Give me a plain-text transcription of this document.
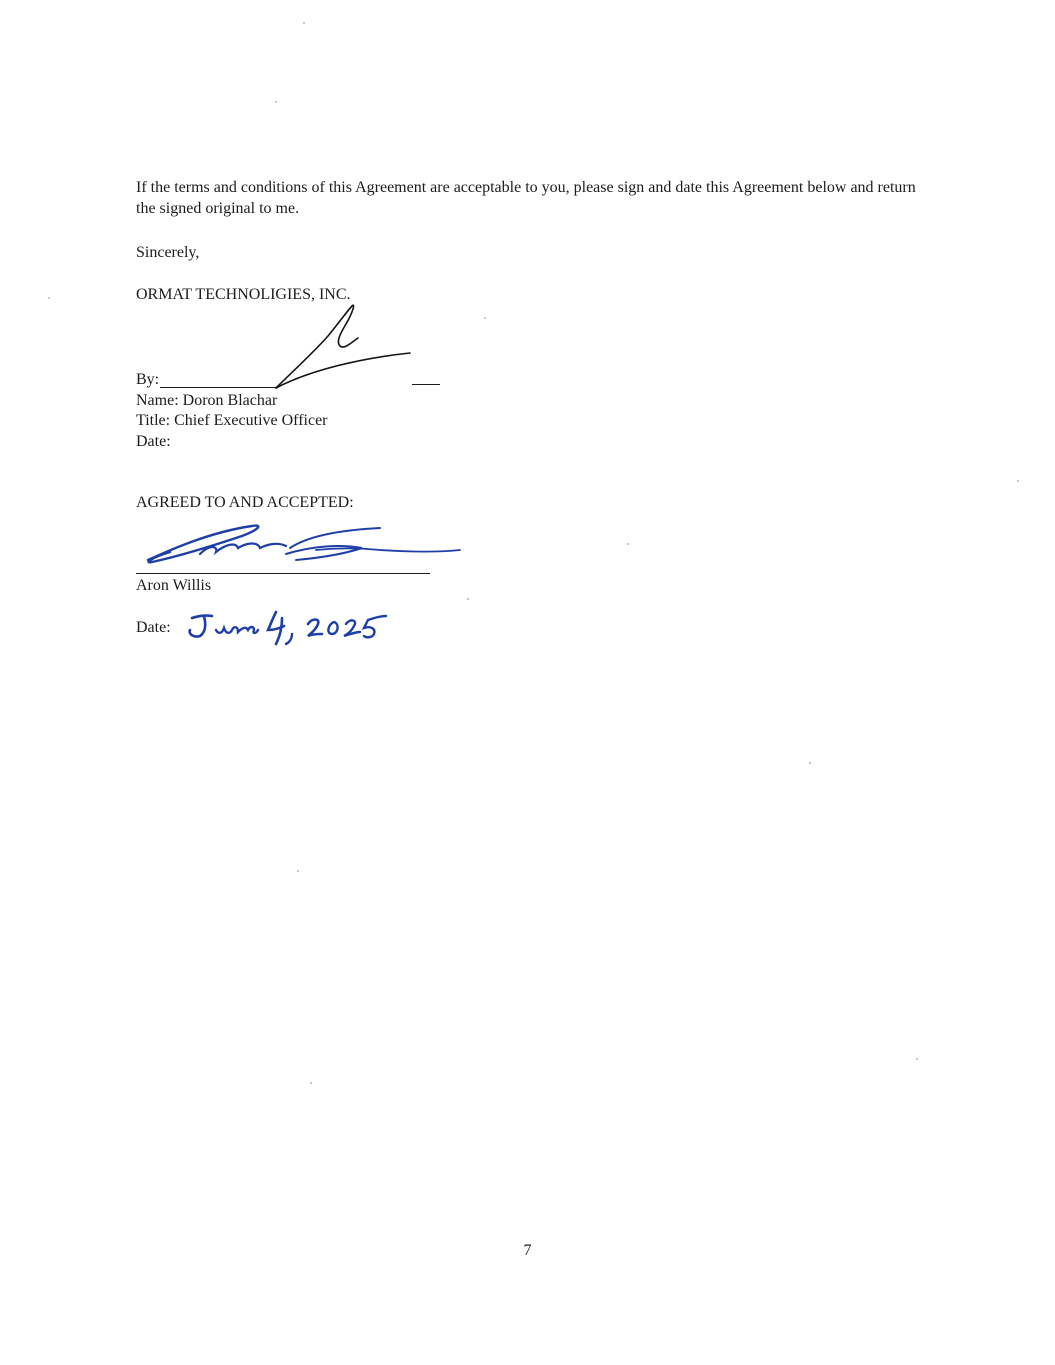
If the terms and conditions of this Agreement are acceptable to you, please sign and date this Agreement below and return the signed original to me.
Sincerely,
ORMAT TECHNOLIGIES, INC.
By:
Name: Doron Blachar
Title: Chief Executive Officer
Date:
AGREED TO AND ACCEPTED:
Aron Willis
Date:
7
